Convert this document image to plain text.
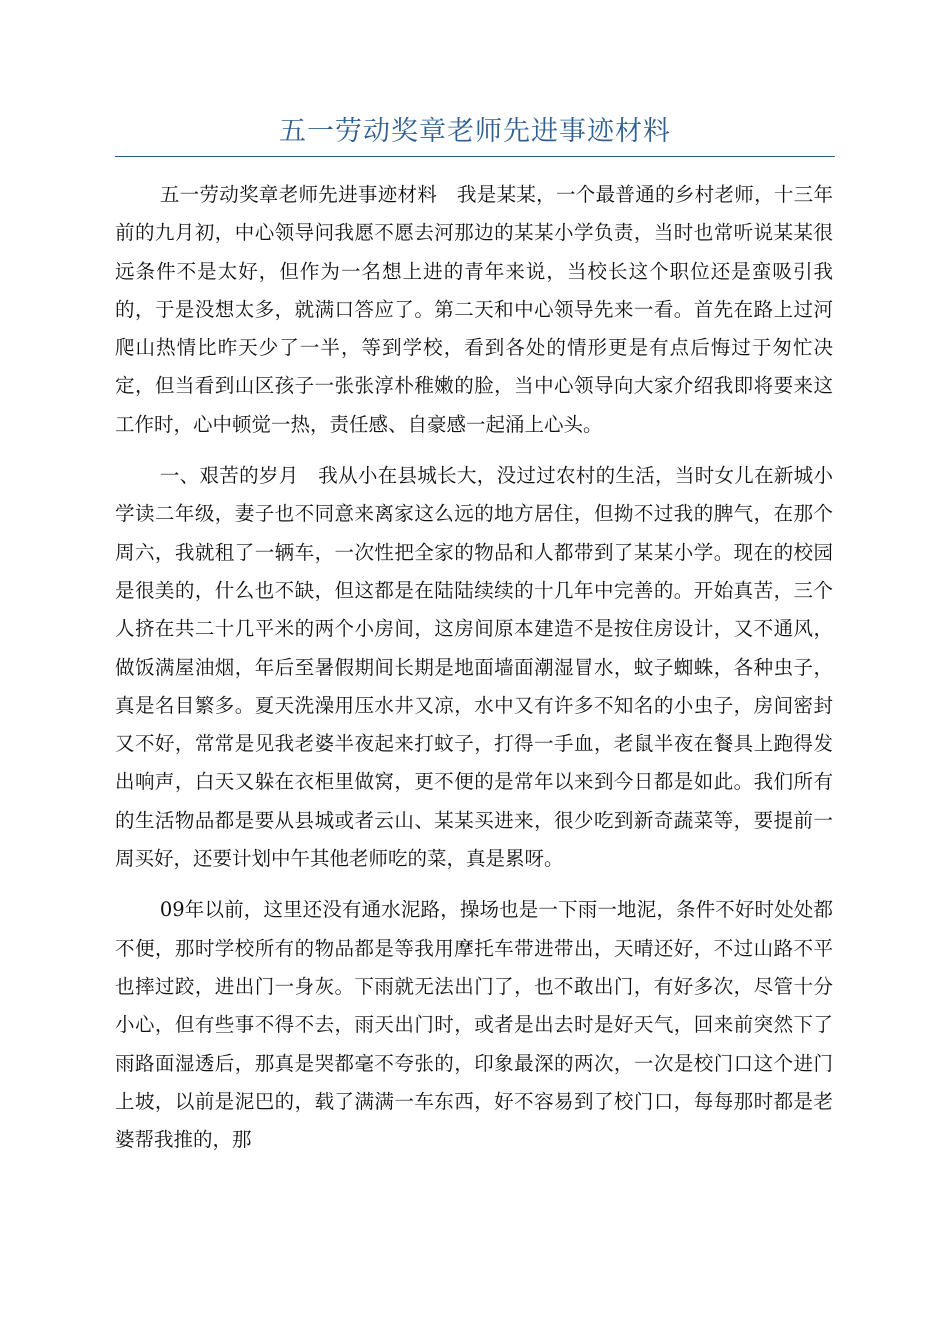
五一劳动奖章老师先进事迹材料

五一劳动奖章老师先进事迹材料　我是某某，一个最普通的乡村老师，十三年前的九月初，中心领导问我愿不愿去河那边的某某小学负责，当时也常听说某某很远条件不是太好，但作为一名想上进的青年来说，当校长这个职位还是蛮吸引我的，于是没想太多，就满口答应了。第二天和中心领导先来一看。首先在路上过河爬山热情比昨天少了一半，等到学校，看到各处的情形更是有点后悔过于匆忙决定，但当看到山区孩子一张张淳朴稚嫩的脸，当中心领导向大家介绍我即将要来这工作时，心中顿觉一热，责任感、自豪感一起涌上心头。

一、艰苦的岁月　我从小在县城长大，没过过农村的生活，当时女儿在新城小学读二年级，妻子也不同意来离家这么远的地方居住，但拗不过我的脾气，在那个周六，我就租了一辆车，一次性把全家的物品和人都带到了某某小学。现在的校园是很美的，什么也不缺，但这都是在陆陆续续的十几年中完善的。开始真苦，三个人挤在共二十几平米的两个小房间，这房间原本建造不是按住房设计，又不通风，做饭满屋油烟，年后至暑假期间长期是地面墙面潮湿冒水，蚊子蜘蛛，各种虫子，真是名目繁多。夏天洗澡用压水井又凉，水中又有许多不知名的小虫子，房间密封又不好，常常是见我老婆半夜起来打蚊子，打得一手血，老鼠半夜在餐具上跑得发出响声，白天又躲在衣柜里做窝，更不便的是常年以来到今日都是如此。我们所有的生活物品都是要从县城或者云山、某某买进来，很少吃到新奇蔬菜等，要提前一周买好，还要计划中午其他老师吃的菜，真是累呀。

09年以前，这里还没有通水泥路，操场也是一下雨一地泥，条件不好时处处都不便，那时学校所有的物品都是等我用摩托车带进带出，天晴还好，不过山路不平也摔过跤，进出门一身灰。下雨就无法出门了，也不敢出门，有好多次，尽管十分小心，但有些事不得不去，雨天出门时，或者是出去时是好天气，回来前突然下了雨路面湿透后，那真是哭都毫不夸张的，印象最深的两次，一次是校门口这个进门上坡，以前是泥巴的，载了满满一车东西，好不容易到了校门口，每每那时都是老婆帮我推的，那
